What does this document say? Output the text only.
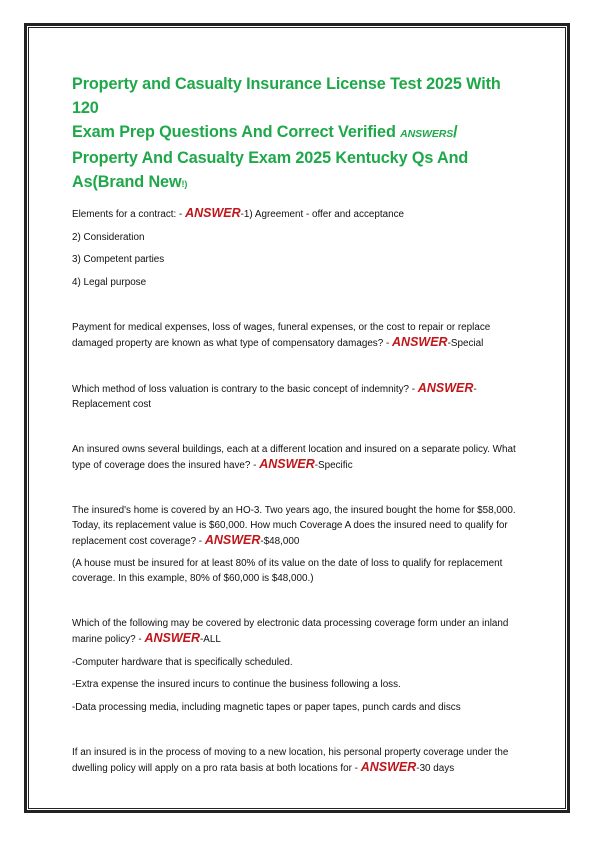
Property and Casualty Insurance License Test 2025 With 120
Exam Prep Questions And Correct Verified ANSWERS/
Property And Casualty Exam 2025 Kentucky Qs And
As(Brand New!)

Elements for a contract: - ANSWER-1) Agreement - offer and acceptance

2) Consideration

3) Competent parties

4) Legal purpose

Payment for medical expenses, loss of wages, funeral expenses, or the cost to repair or replace damaged property are known as what type of compensatory damages? - ANSWER-Special

Which method of loss valuation is contrary to the basic concept of indemnity? - ANSWER- Replacement cost

An insured owns several buildings, each at a different location and insured on a separate policy. What type of coverage does the insured have? - ANSWER-Specific

The insured's home is covered by an HO-3. Two years ago, the insured bought the home for $58,000. Today, its replacement value is $60,000. How much Coverage A does the insured need to qualify for replacement cost coverage? - ANSWER-$48,000

(A house must be insured for at least 80% of its value on the date of loss to qualify for replacement coverage. In this example, 80% of $60,000 is $48,000.)

Which of the following may be covered by electronic data processing coverage form under an inland marine policy? - ANSWER-ALL

-Computer hardware that is specifically scheduled.

-Extra expense the insured incurs to continue the business following a loss.

-Data processing media, including magnetic tapes or paper tapes, punch cards and discs

If an insured is in the process of moving to a new location, his personal property coverage under the dwelling policy will apply on a pro rata basis at both locations for - ANSWER-30 days
